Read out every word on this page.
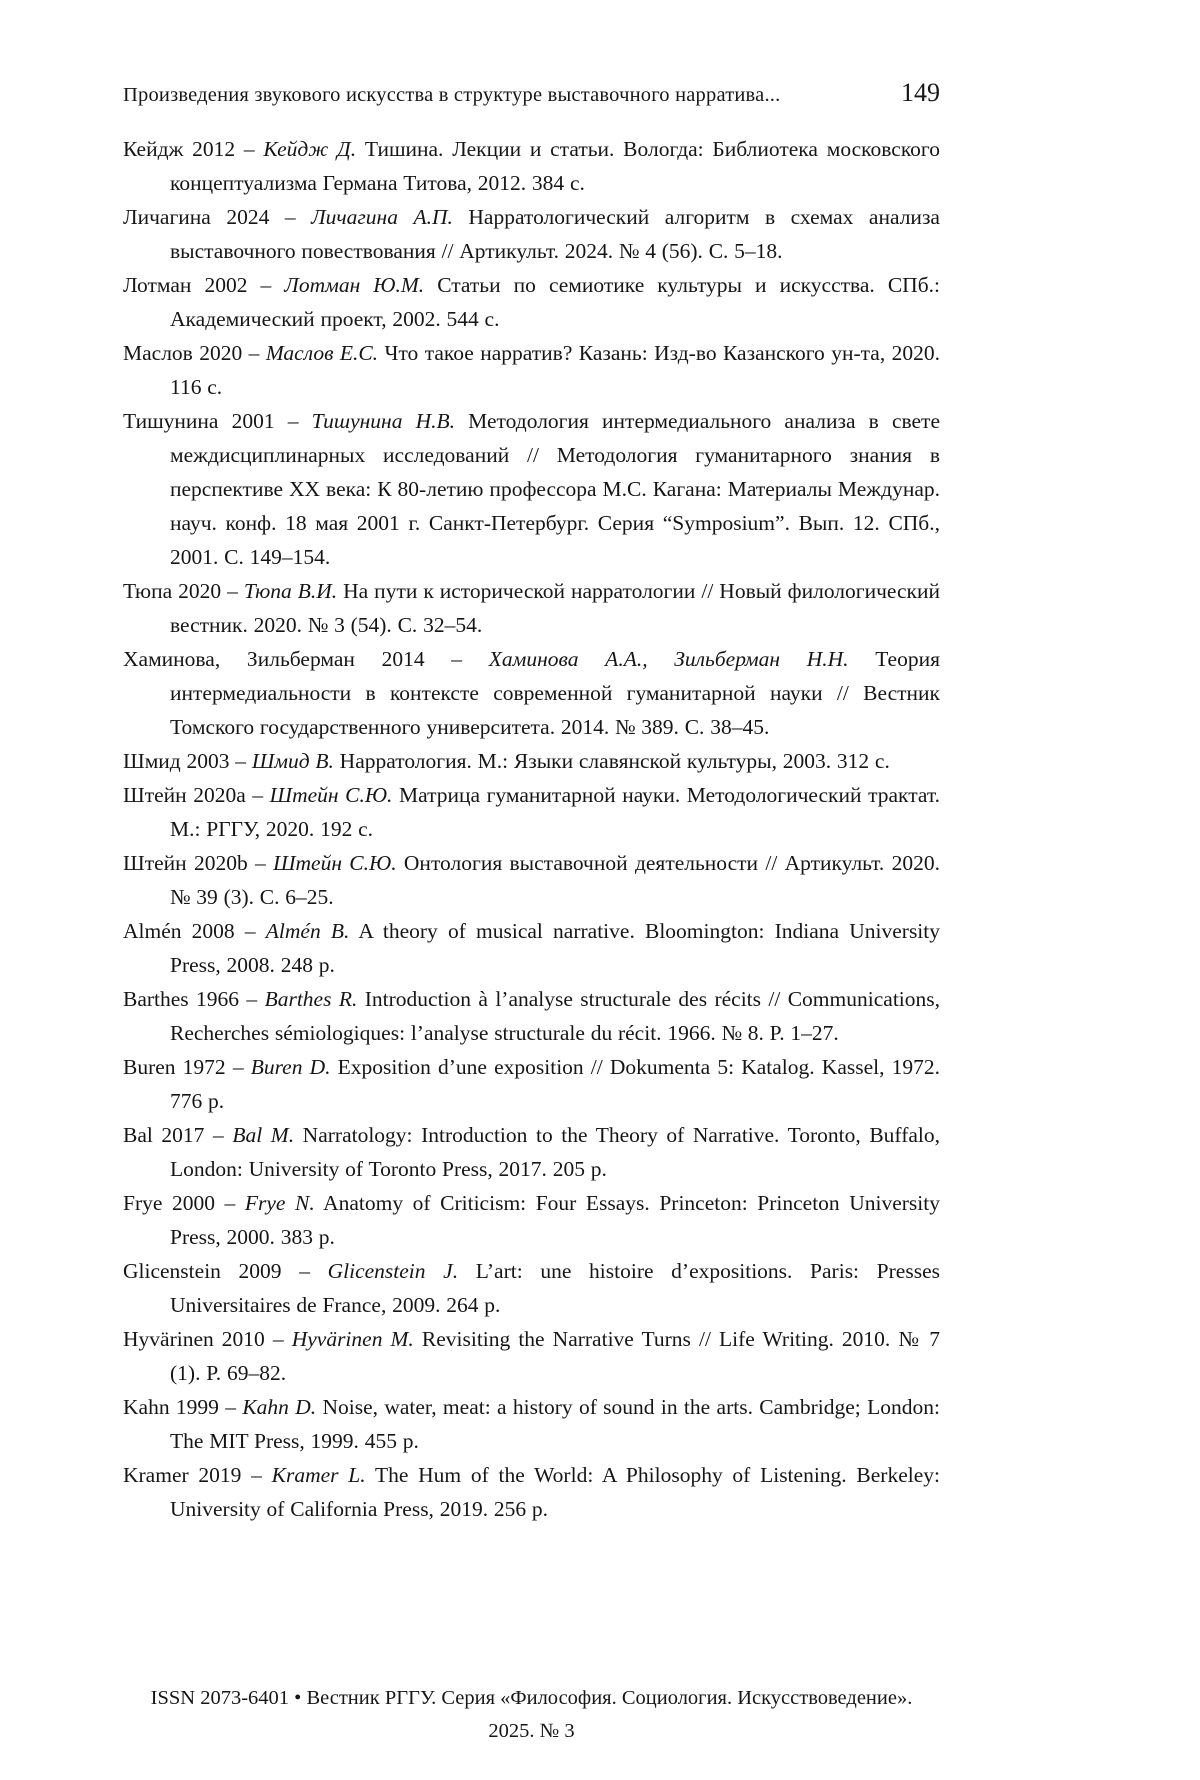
Произведения звукового искусства в структуре выставочного нарратива...	149

Кейдж 2012 – Кейдж Д. Тишина. Лекции и статьи. Вологда: Библиотека московского концептуализма Германа Титова, 2012. 384 с.

Личагина 2024 – Личагина А.П. Нарратологический алгоритм в схемах анализа выставочного повествования // Артикульт. 2024. № 4 (56). С. 5–18.

Лотман 2002 – Лотман Ю.М. Статьи по семиотике культуры и искусства. СПб.: Академический проект, 2002. 544 с.

Маслов 2020 – Маслов Е.С. Что такое нарратив? Казань: Изд-во Казанского ун-та, 2020. 116 с.

Тишунина 2001 – Тишунина Н.В. Методология интермедиального анализа в свете междисциплинарных исследований // Методология гуманитарного знания в перспективе XX века: К 80-летию профессора М.С. Кагана: Материалы Междунар. науч. конф. 18 мая 2001 г. Санкт-Петербург. Серия “Symposium”. Вып. 12. СПб., 2001. С. 149–154.

Тюпа 2020 – Тюпа В.И. На пути к исторической нарратологии // Новый филологический вестник. 2020. № 3 (54). С. 32–54.

Хаминова, Зильберман 2014 – Хаминова А.А., Зильберман Н.Н. Теория интермедиальности в контексте современной гуманитарной науки // Вестник Томского государственного университета. 2014. № 389. С. 38–45.

Шмид 2003 – Шмид В. Нарратология. М.: Языки славянской культуры, 2003. 312 с.

Штейн 2020a – Штейн С.Ю. Матрица гуманитарной науки. Методологический трактат. М.: РГГУ, 2020. 192 с.

Штейн 2020b – Штейн С.Ю. Онтология выставочной деятельности // Артикульт. 2020. № 39 (3). С. 6–25.

Almén 2008 – Almén B. A theory of musical narrative. Bloomington: Indiana University Press, 2008. 248 p.

Barthes 1966 – Barthes R. Introduction à l’analyse structurale des récits // Communications, Recherches sémiologiques: l’analyse structurale du récit. 1966. № 8. P. 1–27.

Buren 1972 – Buren D. Exposition d’une exposition // Dokumenta 5: Katalog. Kassel, 1972. 776 p.

Bal 2017 – Bal M. Narratology: Introduction to the Theory of Narrative. Toronto, Buffalo, London: University of Toronto Press, 2017. 205 p.

Frye 2000 – Frye N. Anatomy of Criticism: Four Essays. Princeton: Princeton University Press, 2000. 383 p.

Glicenstein 2009 – Glicenstein J. L’art: une histoire d’expositions. Paris: Presses Universitaires de France, 2009. 264 p.

Hyvärinen 2010 – Hyvärinen M. Revisiting the Narrative Turns // Life Writing. 2010. № 7 (1). P. 69–82.

Kahn 1999 – Kahn D. Noise, water, meat: a history of sound in the arts. Cambridge; London: The MIT Press, 1999. 455 p.

Kramer 2019 – Kramer L. The Hum of the World: A Philosophy of Listening. Berkeley: University of California Press, 2019. 256 p.

ISSN 2073-6401 • Вестник РГГУ. Серия «Философия. Социология. Искусствоведение».
2025. № 3
